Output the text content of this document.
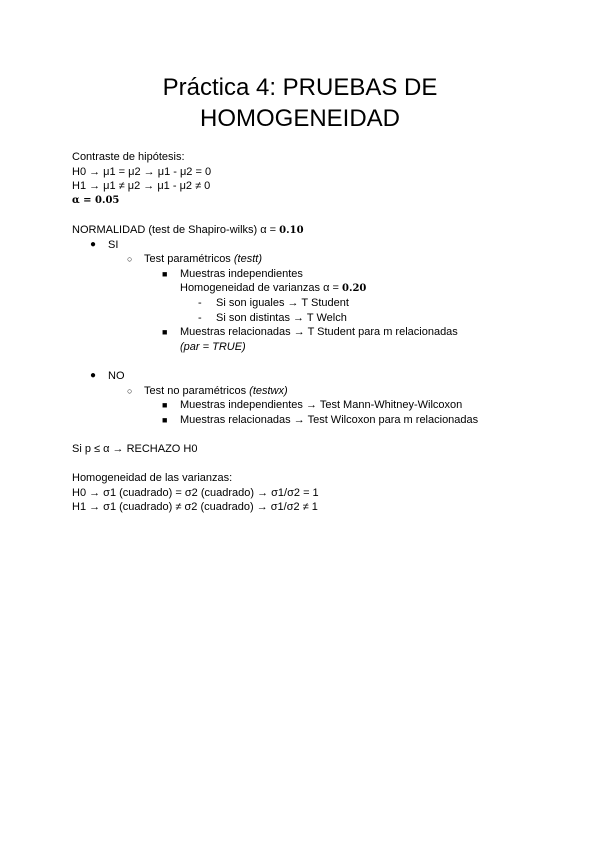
Práctica 4: PRUEBAS DE
HOMOGENEIDAD
Contraste de hipótesis:
H0 → μ1 = μ2 → μ1 - μ2 = 0
H1 → μ1 ≠ μ2 → μ1 - μ2 ≠ 0
α = 0.05
NORMALIDAD (test de Shapiro-wilks) α = 0.10
● SI
○ Test paramétricos (testt)
■ Muestras independientes
Homogeneidad de varianzas α = 0.20
- Si son iguales → T Student
- Si son distintas → T Welch
■ Muestras relacionadas → T Student para m relacionadas
(par = TRUE)
● NO
○ Test no paramétricos (testwx)
■ Muestras independientes → Test Mann-Whitney-Wilcoxon
■ Muestras relacionadas → Test Wilcoxon para m relacionadas
Si p ≤ α → RECHAZO H0
Homogeneidad de las varianzas:
H0 → σ1 (cuadrado) = σ2 (cuadrado) → σ1/σ2 = 1
H1 → σ1 (cuadrado) ≠ σ2 (cuadrado) → σ1/σ2 ≠ 1
